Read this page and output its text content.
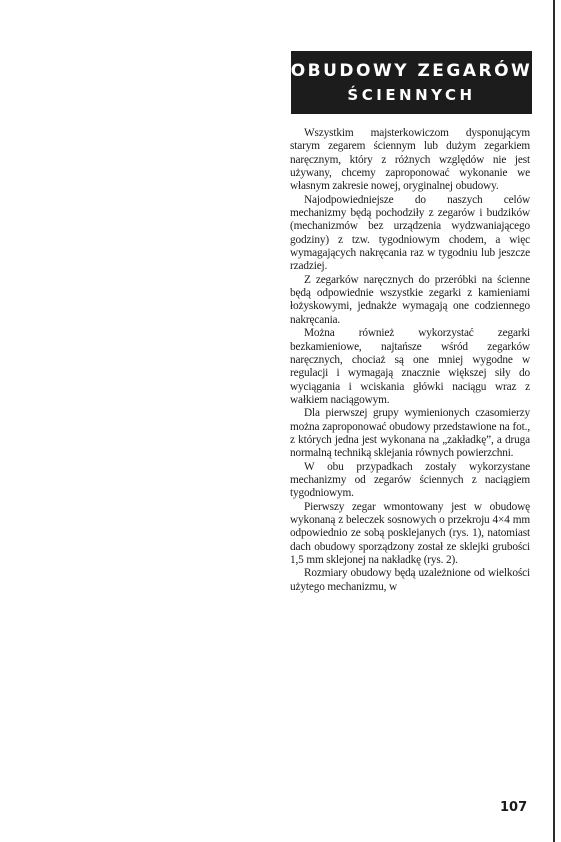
OBUDOWY ZEGARÓW
ŚCIENNYCH

Wszystkim majsterkowiczom dysponującym starym zegarem ściennym lub dużym zegarkiem naręcznym, który z różnych względów nie jest używany, chcemy zaproponować wykonanie we własnym zakresie nowej, oryginalnej obudowy.

Najodpowiedniejsze do naszych celów mechanizmy będą pochodziły z zegarów i budzików (mechanizmów bez urządzenia wydzwaniającego godziny) z tzw. tygodniowym chodem, a więc wymagających nakręcania raz w tygodniu lub jeszcze rzadziej.

Z zegarków naręcznych do przeróbki na ścienne będą odpowiednie wszystkie zegarki z kamieniami łożyskowymi, jednakże wymagają one codziennego nakręcania.

Można również wykorzystać zegarki bezkamieniowe, najtańsze wśród zegarków naręcznych, chociaż są one mniej wygodne w regulacji i wymagają znacznie większej siły do wyciągania i wciskania główki naciągu wraz z wałkiem naciągowym.

Dla pierwszej grupy wymienionych czasomierzy można zaproponować obudowy przedstawione na fot., z których jedna jest wykonana na „zakładkę”, a druga normalną techniką sklejania równych powierzchni.

W obu przypadkach zostały wykorzystane mechanizmy od zegarów ściennych z naciągiem tygodniowym.

Pierwszy zegar wmontowany jest w obudowę wykonaną z beleczek sosnowych o przekroju 4×4 mm odpowiednio ze sobą posklejanych (rys. 1), natomiast dach obudowy sporządzony został ze sklejki grubości 1,5 mm sklejonej na nakładkę (rys. 2).

Rozmiary obudowy będą uzależnione od wielkości użytego mechanizmu, w

107
